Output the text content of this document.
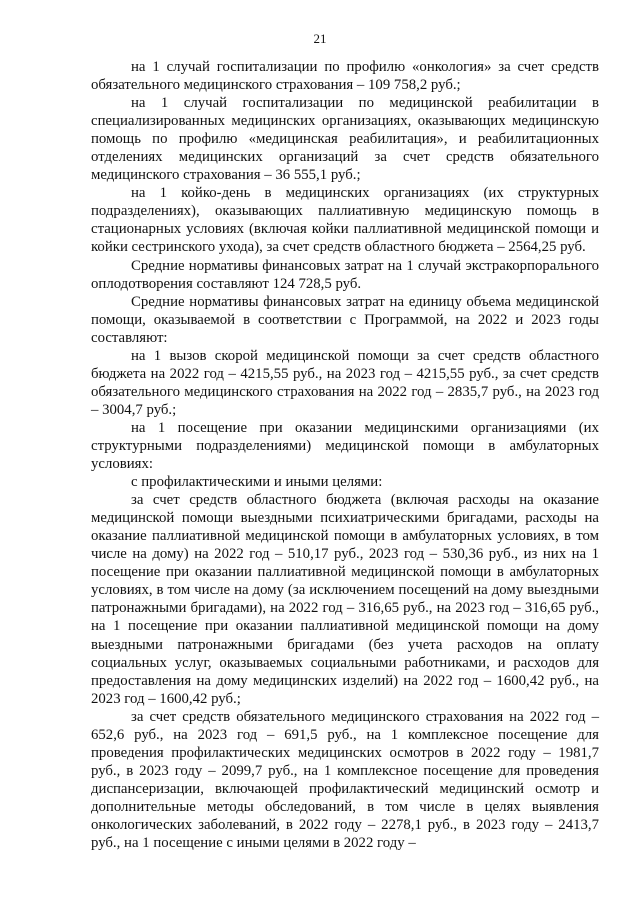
21

на 1 случай госпитализации по профилю «онкология» за счет средств обязательного медицинского страхования – 109 758,2 руб.;

на 1 случай госпитализации по медицинской реабилитации в специализированных медицинских организациях, оказывающих медицинскую помощь по профилю «медицинская реабилитация», и реабилитационных отделениях медицинских организаций за счет средств обязательного медицинского страхования – 36 555,1 руб.;

на 1 койко-день в медицинских организациях (их структурных подразделениях), оказывающих паллиативную медицинскую помощь в стационарных условиях (включая койки паллиативной медицинской помощи и койки сестринского ухода), за счет средств областного бюджета – 2564,25 руб.

Средние нормативы финансовых затрат на 1 случай экстракорпорального оплодотворения составляют 124 728,5 руб.

Средние нормативы финансовых затрат на единицу объема медицинской помощи, оказываемой в соответствии с Программой, на 2022 и 2023 годы составляют:

на 1 вызов скорой медицинской помощи за счет средств областного бюджета на 2022 год – 4215,55 руб., на 2023 год – 4215,55 руб., за счет средств обязательного медицинского страхования на 2022 год – 2835,7 руб., на 2023 год – 3004,7 руб.;

на 1 посещение при оказании медицинскими организациями (их структурными подразделениями) медицинской помощи в амбулаторных условиях:

с профилактическими и иными целями:

за счет средств областного бюджета (включая расходы на оказание медицинской помощи выездными психиатрическими бригадами, расходы на оказание паллиативной медицинской помощи в амбулаторных условиях, в том числе на дому) на 2022 год – 510,17 руб., 2023 год – 530,36 руб., из них на 1 посещение при оказании паллиативной медицинской помощи в амбулаторных условиях, в том числе на дому (за исключением посещений на дому выездными патронажными бригадами), на 2022 год – 316,65 руб., на 2023 год – 316,65 руб., на 1 посещение при оказании паллиативной медицинской помощи на дому выездными патронажными бригадами (без учета расходов на оплату социальных услуг, оказываемых социальными работниками, и расходов для предоставления на дому медицинских изделий) на 2022 год – 1600,42 руб., на 2023 год – 1600,42 руб.;

за счет средств обязательного медицинского страхования на 2022 год – 652,6 руб., на 2023 год – 691,5 руб., на 1 комплексное посещение для проведения профилактических медицинских осмотров в 2022 году – 1981,7 руб., в 2023 году – 2099,7 руб., на 1 комплексное посещение для проведения диспансеризации, включающей профилактический медицинский осмотр и дополнительные методы обследований, в том числе в целях выявления онкологических заболеваний, в 2022 году – 2278,1 руб., в 2023 году – 2413,7 руб., на 1 посещение с иными целями в 2022 году –
